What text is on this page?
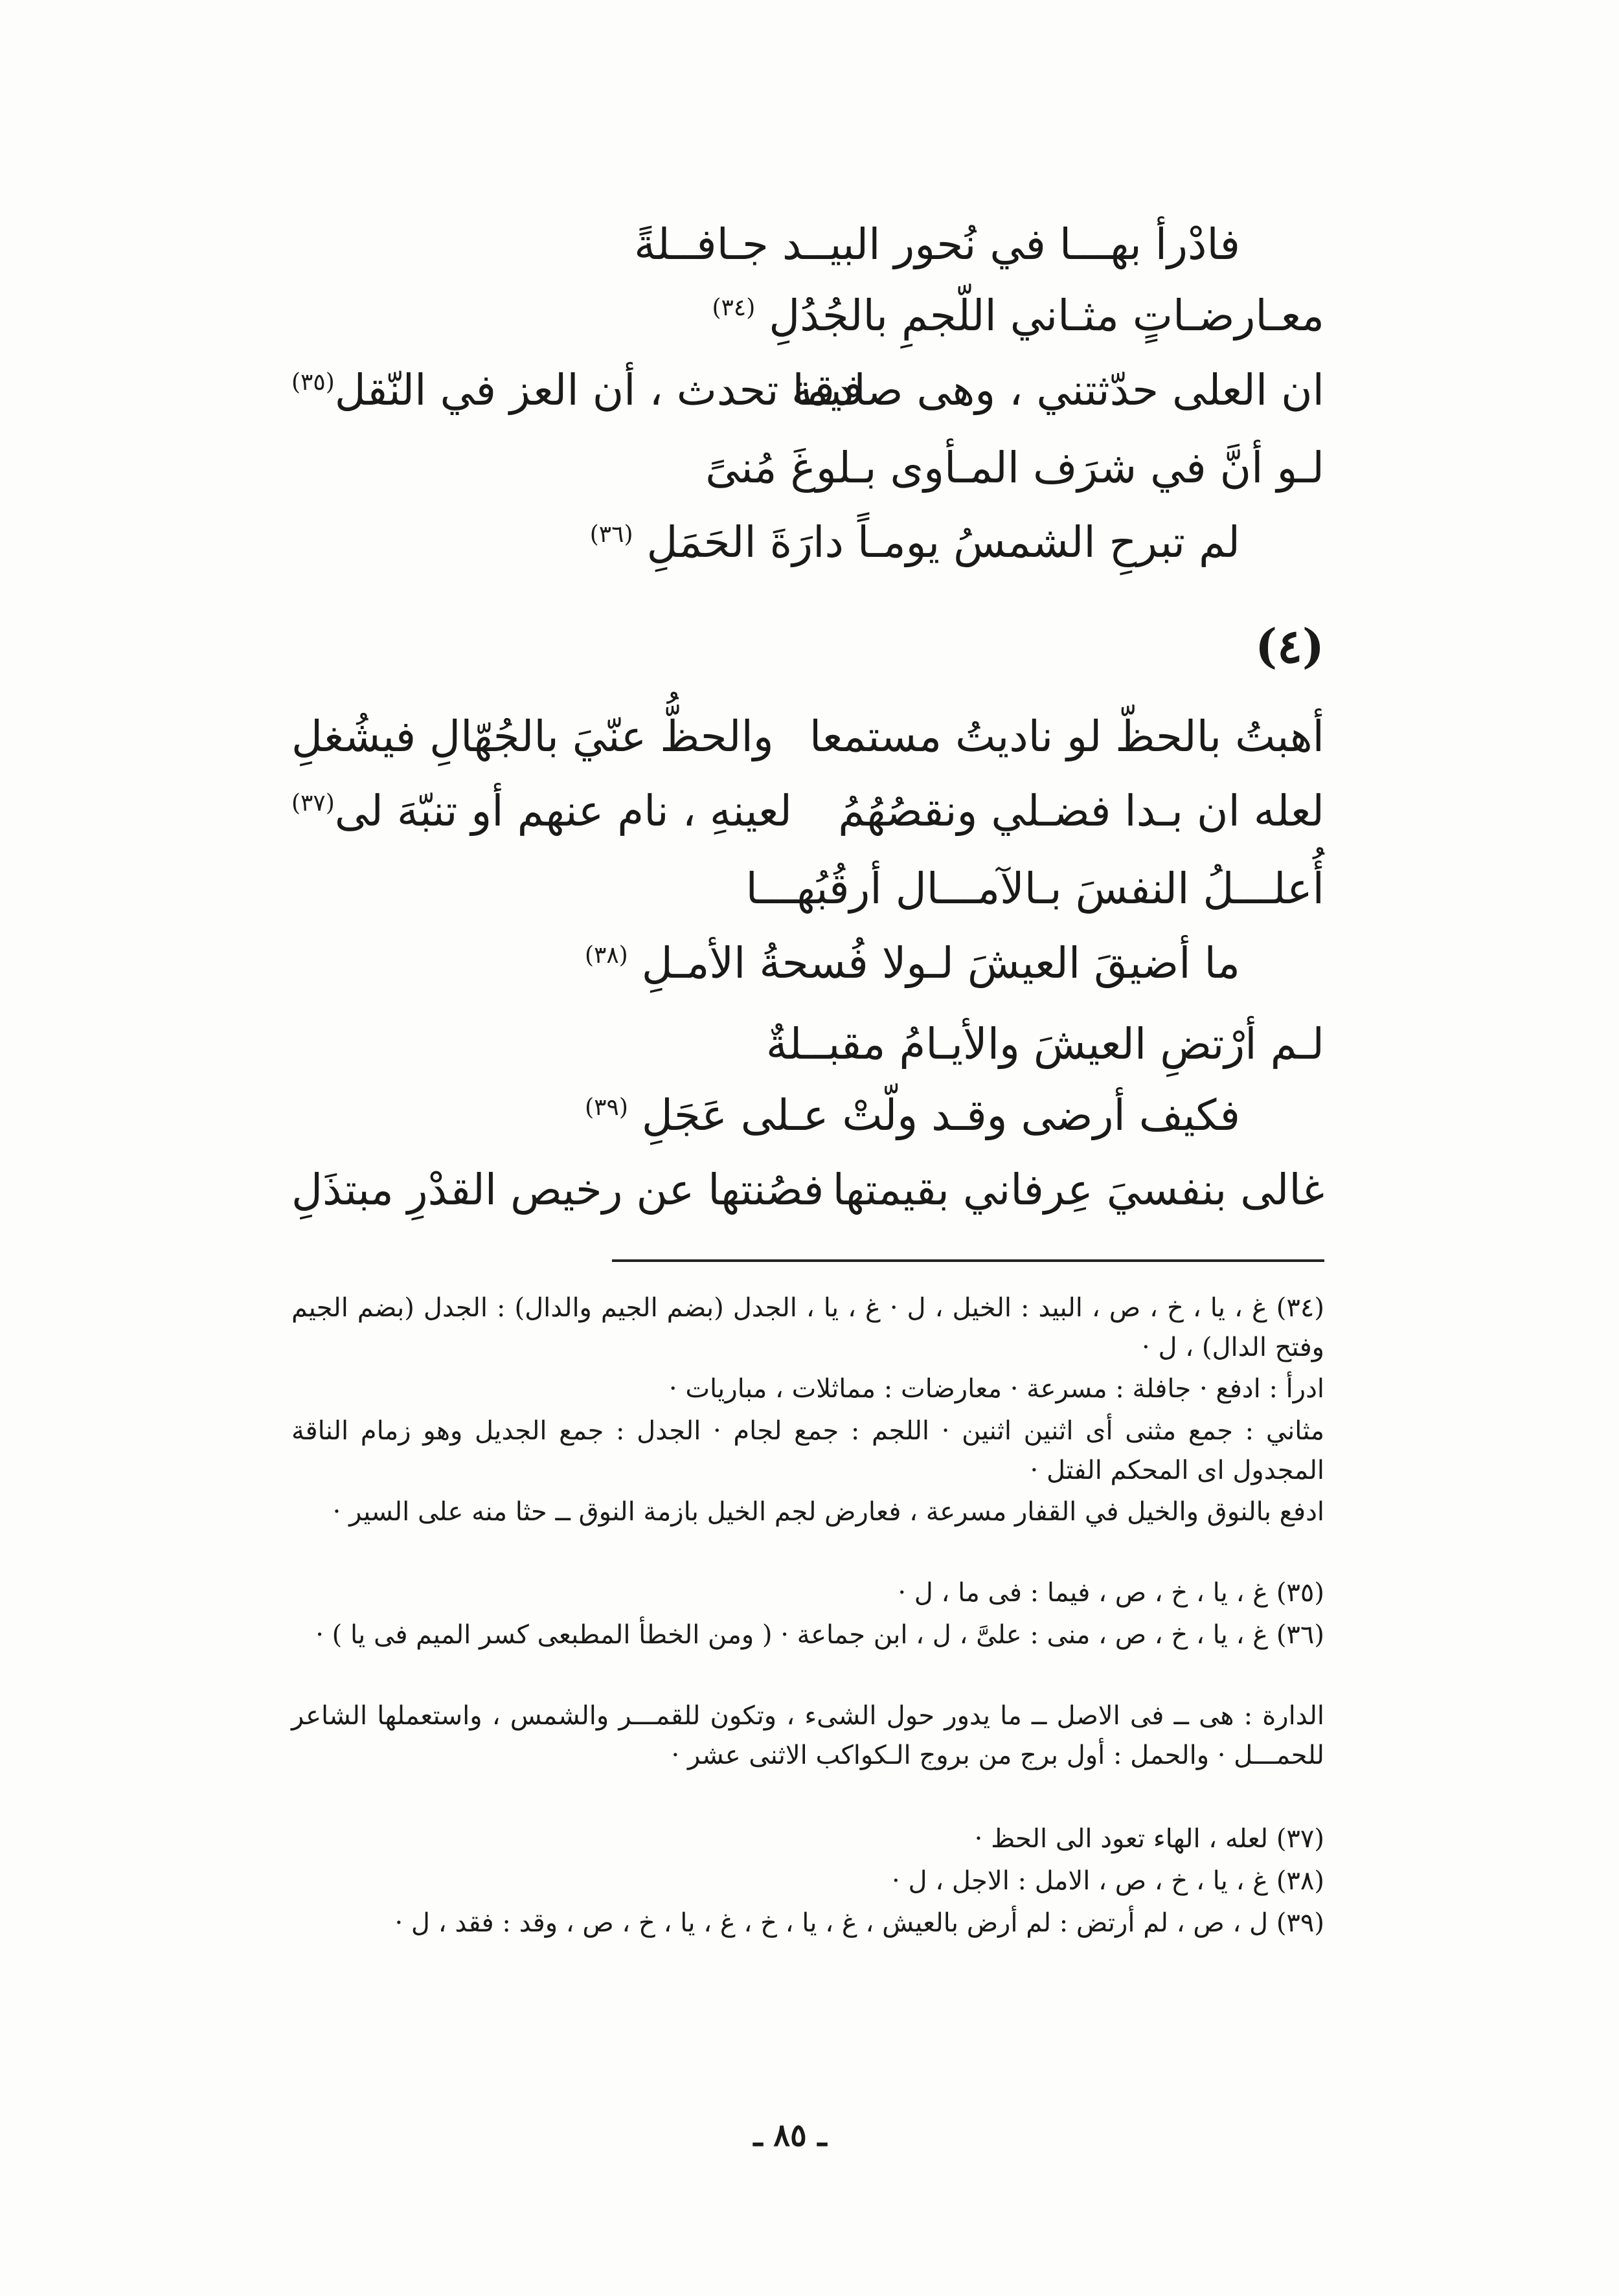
فادْرأ بهـــا في نُحور البيــد جـافــلةً
معـارضـاتٍ مثـاني اللّجمِ بالجُدُلِ $^{(٣٤)}$
ان العلى حدّثتني ، وهى صادقة
فيما تحدث ، أن العز في النّقل$^{(٣٥)}$
لـو أنَّ في شرَف المـأوى بـلوغَ مُنىً
لم تبرحِ الشمسُ يومـاً دارَةَ الحَمَلِ $^{(٣٦)}$
(٤)
أهبتُ بالحظّ لو ناديتُ مستمعا
والحظُّ عنّيَ بالجُهّالِ فيشُغلِ
لعله ان بـدا فضـلي ونقصُهُمُ
لعينهِ ، نام عنهم أو تنبّهَ لى$^{(٣٧)}$
أُعلـــلُ النفسَ بـالآمـــال أرقُبُهـــا
ما أضيقَ العيشَ لـولا فُسحةُ الأمـلِ $^{(٣٨)}$
لـم أرْتضِ العيشَ والأيـامُ مقبــلةٌ
فكيف أرضى وقـد ولّتْ عـلى عَجَلِ $^{(٣٩)}$
غالى بنفسيَ عِرفاني بقيمتها
فصُنتها عن رخيص القدْرِ مبتذَلِ
(٣٤) غ ، يا ، خ ، ص ، البيد : الخيل ، ل · غ ، يا ، الجدل (بضم الجيم والدال) : الجدل (بضم الجيم وفتح الدال) ، ل ·
ادرأ : ادفع · جافلة : مسرعة · معارضات : مماثلات ، مباريات ·
مثاني : جمع مثنى أى اثنين اثنين · اللجم : جمع لجام · الجدل : جمع الجديل وهو زمام الناقة المجدول اى المحكم الفتل ·
ادفع بالنوق والخيل في القفار مسرعة ، فعارض لجم الخيل بازمة النوق ــ حثا منه على السير ·
(٣٥) غ ، يا ، خ ، ص ، فيما : فى ما ، ل ·
(٣٦) غ ، يا ، خ ، ص ، منى : علىَّ ، ل ، ابن جماعة · ( ومن الخطأ المطبعى كسر الميم فى يا ) ·
الدارة : هى ــ فى الاصل ــ ما يدور حول الشىء ، وتكون للقمـــر والشمس ، واستعملها الشاعر للحمـــل · والحمل : أول برج من بروج الـكواكب الاثنى عشر ·
(٣٧) لعله ، الهاء تعود الى الحظ ·
(٣٨) غ ، يا ، خ ، ص ، الامل : الاجل ، ل ·
(٣٩) ل ، ص ، لم أرتض : لم أرض بالعيش ، غ ، يا ، خ ، غ ، يا ، خ ، ص ، وقد : فقد ، ل ·
ـ ٨٥ ـ
